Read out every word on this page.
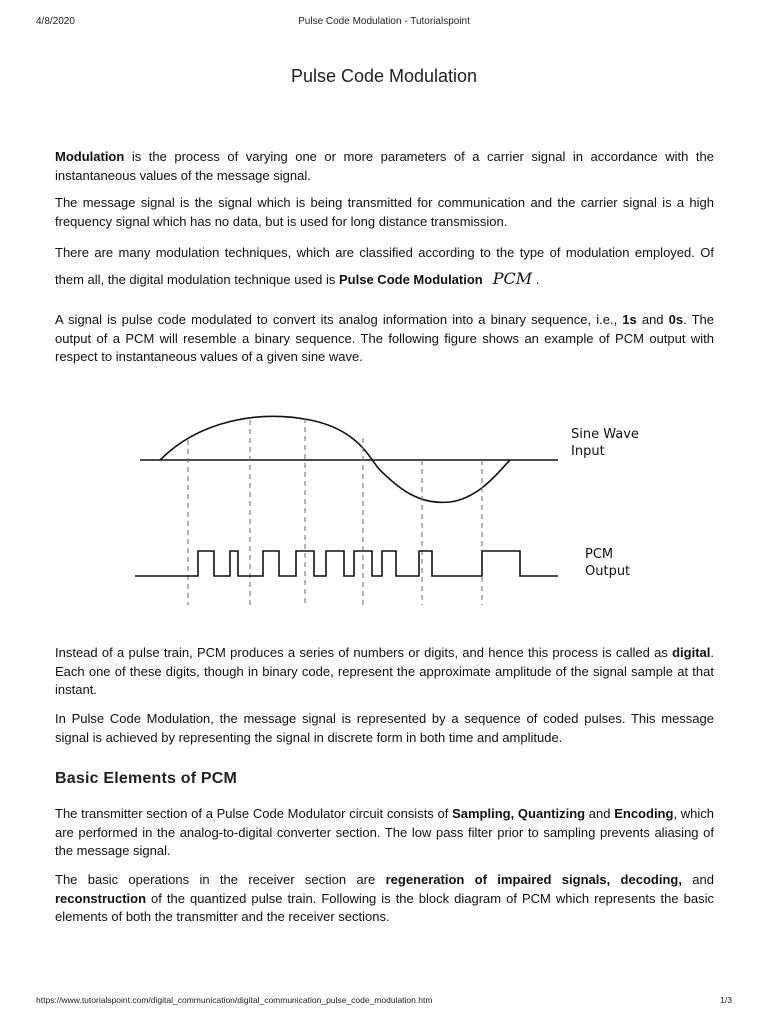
4/8/2020	Pulse Code Modulation - Tutorialspoint
Pulse Code Modulation

Modulation is the process of varying one or more parameters of a carrier signal in accordance with the instantaneous values of the message signal.

The message signal is the signal which is being transmitted for communication and the carrier signal is a high frequency signal which has no data, but is used for long distance transmission.

There are many modulation techniques, which are classified according to the type of modulation employed. Of them all, the digital modulation technique used is Pulse Code Modulation PCM .

A signal is pulse code modulated to convert its analog information into a binary sequence, i.e., 1s and 0s. The output of a PCM will resemble a binary sequence. The following figure shows an example of PCM output with respect to instantaneous values of a given sine wave.

Sine Wave
Input
PCM
Output

Instead of a pulse train, PCM produces a series of numbers or digits, and hence this process is called as digital. Each one of these digits, though in binary code, represent the approximate amplitude of the signal sample at that instant.

In Pulse Code Modulation, the message signal is represented by a sequence of coded pulses. This message signal is achieved by representing the signal in discrete form in both time and amplitude.

Basic Elements of PCM

The transmitter section of a Pulse Code Modulator circuit consists of Sampling, Quantizing and Encoding, which are performed in the analog-to-digital converter section. The low pass filter prior to sampling prevents aliasing of the message signal.

The basic operations in the receiver section are regeneration of impaired signals, decoding, and reconstruction of the quantized pulse train. Following is the block diagram of PCM which represents the basic elements of both the transmitter and the receiver sections.

https://www.tutorialspoint.com/digital_communication/digital_communication_pulse_code_modulation.htm	1/3
